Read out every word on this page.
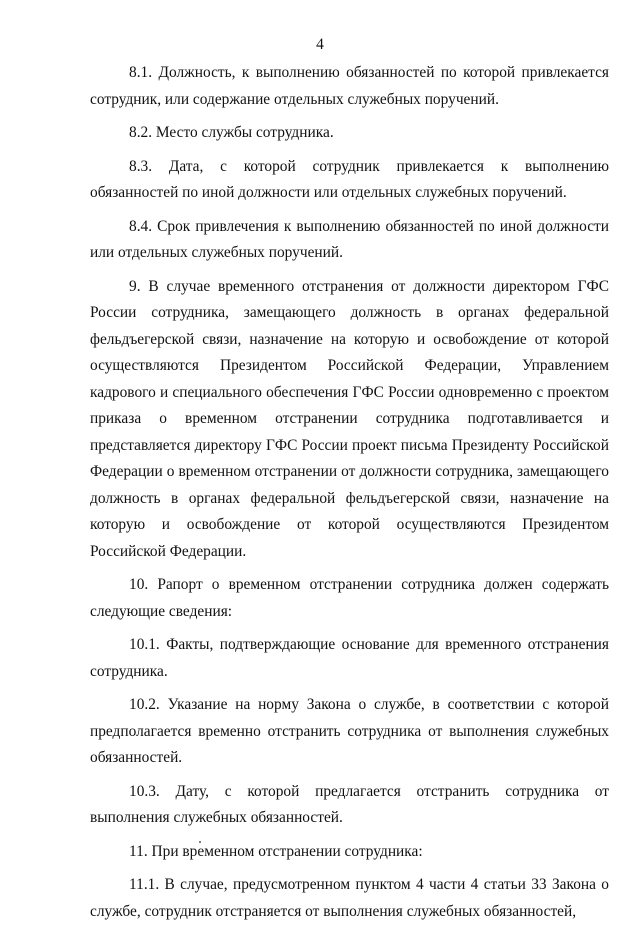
4

8.1. Должность, к выполнению обязанностей по которой привлекается сотрудник, или содержание отдельных служебных поручений.

8.2. Место службы сотрудника.

8.3. Дата, с которой сотрудник привлекается к выполнению обязанностей по иной должности или отдельных служебных поручений.

8.4. Срок привлечения к выполнению обязанностей по иной должности или отдельных служебных поручений.

9. В случае временного отстранения от должности директором ГФС России сотрудника, замещающего должность в органах федеральной фельдъегерской связи, назначение на которую и освобождение от которой осуществляются Президентом Российской Федерации, Управлением кадрового и специального обеспечения ГФС России одновременно с проектом приказа о временном отстранении сотрудника подготавливается и представляется директору ГФС России проект письма Президенту Российской Федерации о временном отстранении от должности сотрудника, замещающего должность в органах федеральной фельдъегерской связи, назначение на которую и освобождение от которой осуществляются Президентом Российской Федерации.

10. Рапорт о временном отстранении сотрудника должен содержать следующие сведения:

10.1. Факты, подтверждающие основание для временного отстранения сотрудника.

10.2. Указание на норму Закона о службе, в соответствии с которой предполагается временно отстранить сотрудника от выполнения служебных обязанностей.

10.3. Дату, с которой предлагается отстранить сотрудника от выполнения служебных обязанностей.

11. При временном отстранении сотрудника:

11.1. В случае, предусмотренном пунктом 4 части 4 статьи 33 Закона о службе, сотрудник отстраняется от выполнения служебных обязанностей,
